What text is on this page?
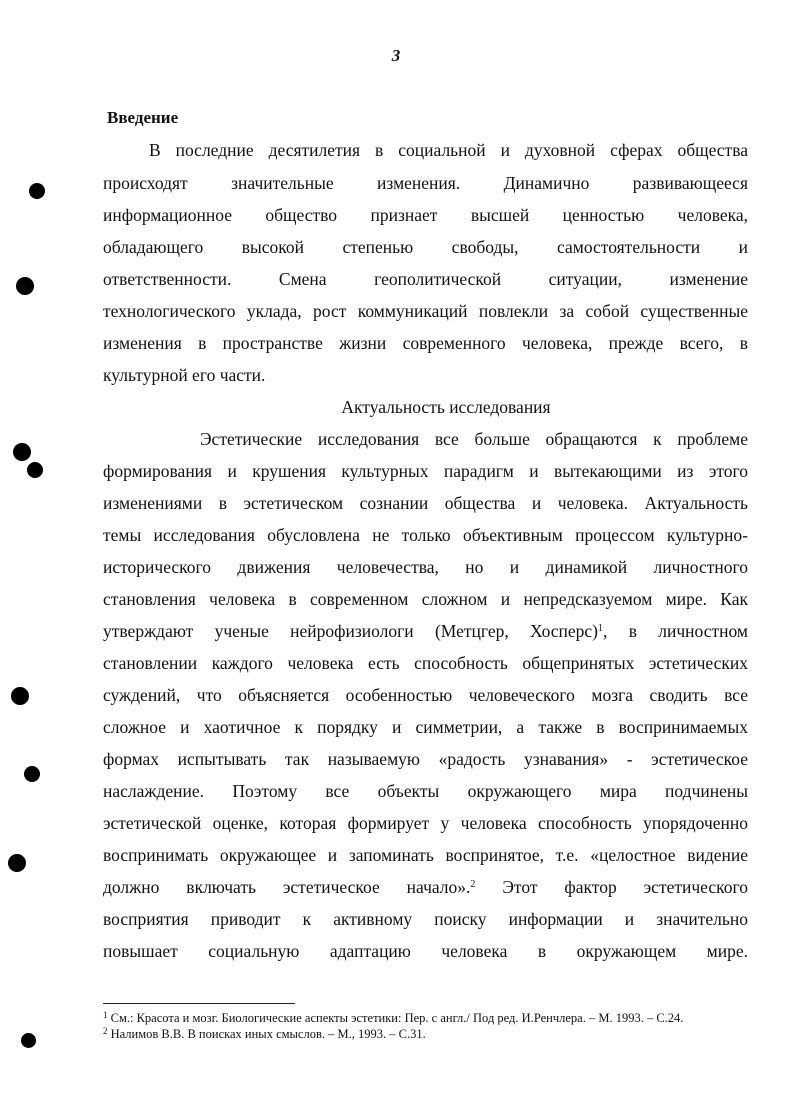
3
Введение
В последние десятилетия в социальной и духовной сферах общества
происходят значительные изменения. Динамично развивающееся
информационное общество признает высшей ценностью человека,
обладающего высокой степенью свободы, самостоятельности и
ответственности. Смена геополитической ситуации, изменение
технологического уклада, рост коммуникаций повлекли за собой существенные
изменения в пространстве жизни современного человека, прежде всего, в
культурной его части.
Актуальность исследования
Эстетические исследования все больше обращаются к проблеме
формирования и крушения культурных парадигм и вытекающими из этого
изменениями в эстетическом сознании общества и человека. Актуальность
темы исследования обусловлена не только объективным процессом культурно-
исторического движения человечества, но и динамикой личностного
становления человека в современном сложном и непредсказуемом мире. Как
утверждают ученые нейрофизиологи (Метцгер, Хосперс)$^1$, в личностном
становлении каждого человека есть способность общепринятых эстетических
суждений, что объясняется особенностью человеческого мозга сводить все
сложное и хаотичное к порядку и симметрии, а также в воспринимаемых
формах испытывать так называемую «радость узнавания» - эстетическое
наслаждение. Поэтому все объекты окружающего мира подчинены
эстетической оценке, которая формирует у человека способность упорядоченно
воспринимать окружающее и запоминать воспринятое, т.е. «целостное видение
должно включать эстетическое начало».$^2$ Этот фактор эстетического
восприятия приводит к активному поиску информации и значительно
повышает социальную адаптацию человека в окружающем мире.
$^1$ См.: Красота и мозг. Биологические аспекты эстетики: Пер. с англ./ Под ред. И.Ренчлера. – М. 1993. – С.24.
$^2$ Налимов В.В. В поисках иных смыслов. – М., 1993. – С.31.
